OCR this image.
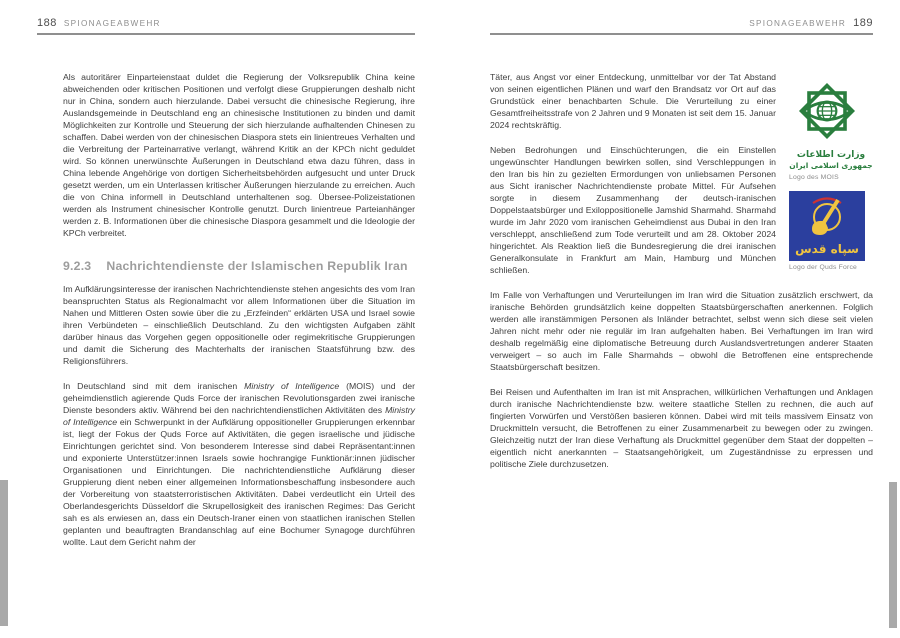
188 SPIONAGEABWEHR

Als autoritärer Einparteienstaat duldet die Regierung der Volksrepublik China keine abweichenden oder kritischen Positionen und verfolgt diese Gruppierungen deshalb nicht nur in China, sondern auch hierzulande. Dabei versucht die chinesische Regierung, ihre Auslandsgemeinde in Deutschland eng an chinesische Institutionen zu binden und damit Möglichkeiten zur Kontrolle und Steuerung der sich hierzulande aufhaltenden Chinesen zu schaffen. Dabei werden von der chinesischen Diaspora stets ein linientreues Verhalten und die Verbreitung der Parteinarrative verlangt, während Kritik an der KPCh nicht geduldet wird. So können unerwünschte Äußerungen in Deutschland etwa dazu führen, dass in China lebende Angehörige von dortigen Sicherheitsbehörden aufgesucht und unter Druck gesetzt werden, um ein Unterlassen kritischer Äußerungen hierzulande zu erreichen. Auch die von China informell in Deutschland unterhaltenen sog. Übersee-Polizeistationen werden als Instrument chinesischer Kontrolle genutzt. Durch linientreue Parteianhänger werden z. B. Informationen über die chinesische Diaspora gesammelt und die Ideologie der KPCh verbreitet.

9.2.3 Nachrichtendienste der Islamischen Republik Iran

Im Aufklärungsinteresse der iranischen Nachrichtendienste stehen angesichts des vom Iran beanspruchten Status als Regionalmacht vor allem Informationen über die Situation im Nahen und Mittleren Osten sowie über die zu „Erzfeinden“ erklärten USA und Israel sowie ihren Verbündeten – einschließlich Deutschland. Zu den wichtigsten Aufgaben zählt darüber hinaus das Vorgehen gegen oppositionelle oder regimekritische Gruppierungen und damit die Sicherung des Machterhalts der iranischen Staatsführung bzw. des Religionsführers.

In Deutschland sind mit dem iranischen Ministry of Intelligence (MOIS) und der geheimdienstlich agierende Quds Force der iranischen Revolutionsgarden zwei iranische Dienste besonders aktiv. Während bei den nachrichtendienstlichen Aktivitäten des Ministry of Intelligence ein Schwerpunkt in der Aufklärung oppositioneller Gruppierungen erkennbar ist, liegt der Fokus der Quds Force auf Aktivitäten, die gegen israelische und jüdische Einrichtungen gerichtet sind. Von besonderem Interesse sind dabei Repräsentant:innen und exponierte Unterstützer:innen Israels sowie hochrangige Funktionär:innen jüdischer Organisationen und Einrichtungen. Die nachrichtendienstliche Aufklärung dieser Gruppierung dient neben einer allgemeinen Informationsbeschaffung insbesondere auch der Vorbereitung von staatsterroristischen Aktivitäten. Dabei verdeutlicht ein Urteil des Oberlandesgerichts Düsseldorf die Skrupellosigkeit des iranischen Regimes: Das Gericht sah es als erwiesen an, dass ein Deutsch-Iraner einen von staatlichen iranischen Stellen geplanten und beauftragten Brandanschlag auf eine Bochumer Synagoge durchführen wollte. Laut dem Gericht nahm der

SPIONAGEABWEHR 189
وزارت اطلاعات
جمهوری اسلامی ایران
Logo des MOIS
سپاه قدس
Logo der Quds Force

Täter, aus Angst vor einer Entdeckung, unmittelbar vor der Tat Abstand von seinen eigentlichen Plänen und warf den Brandsatz vor Ort auf das Grundstück einer benachbarten Schule. Die Verurteilung zu einer Gesamtfreiheitsstrafe von 2 Jahren und 9 Monaten ist seit dem 15. Januar 2024 rechtskräftig.

Neben Bedrohungen und Einschüchterungen, die ein Einstellen ungewünschter Handlungen bewirken sollen, sind Verschleppungen in den Iran bis hin zu gezielten Ermordungen von unliebsamen Personen aus Sicht iranischer Nachrichtendienste probate Mittel. Für Aufsehen sorgte in diesem Zusammenhang der deutsch-iranischen Doppelstaatsbürger und Exiloppositionelle Jamshid Sharmahd. Sharmahd wurde im Jahr 2020 vom iranischen Geheimdienst aus Dubai in den Iran verschleppt, anschließend zum Tode verurteilt und am 28. Oktober 2024 hingerichtet. Als Reaktion ließ die Bundesregierung die drei iranischen Generalkonsulate in Frankfurt am Main, Hamburg und München schließen.

Im Falle von Verhaftungen und Verurteilungen im Iran wird die Situation zusätzlich erschwert, da iranische Behörden grundsätzlich keine doppelten Staatsbürgerschaften anerkennen. Folglich werden alle iranstämmigen Personen als Inländer betrachtet, selbst wenn sich diese seit vielen Jahren nicht mehr oder nie regulär im Iran aufgehalten haben. Bei Verhaftungen im Iran wird deshalb regelmäßig eine diplomatische Betreuung durch Auslandsvertretungen anderer Staaten verweigert – so auch im Falle Sharmahds – obwohl die Betroffenen eine entsprechende Staatsbürgerschaft besitzen.

Bei Reisen und Aufenthalten im Iran ist mit Ansprachen, willkürlichen Verhaftungen und Anklagen durch iranische Nachrichtendienste bzw. weitere staatliche Stellen zu rechnen, die auch auf fingierten Vorwürfen und Verstößen basieren können. Dabei wird mit teils massivem Einsatz von Druckmitteln versucht, die Betroffenen zu einer Zusammenarbeit zu bewegen oder zu zwingen. Gleichzeitig nutzt der Iran diese Verhaftung als Druckmittel gegenüber dem Staat der doppelten – eigentlich nicht anerkannten – Staatsangehörigkeit, um Zugeständnisse zu erpressen und politische Ziele durchzusetzen.
